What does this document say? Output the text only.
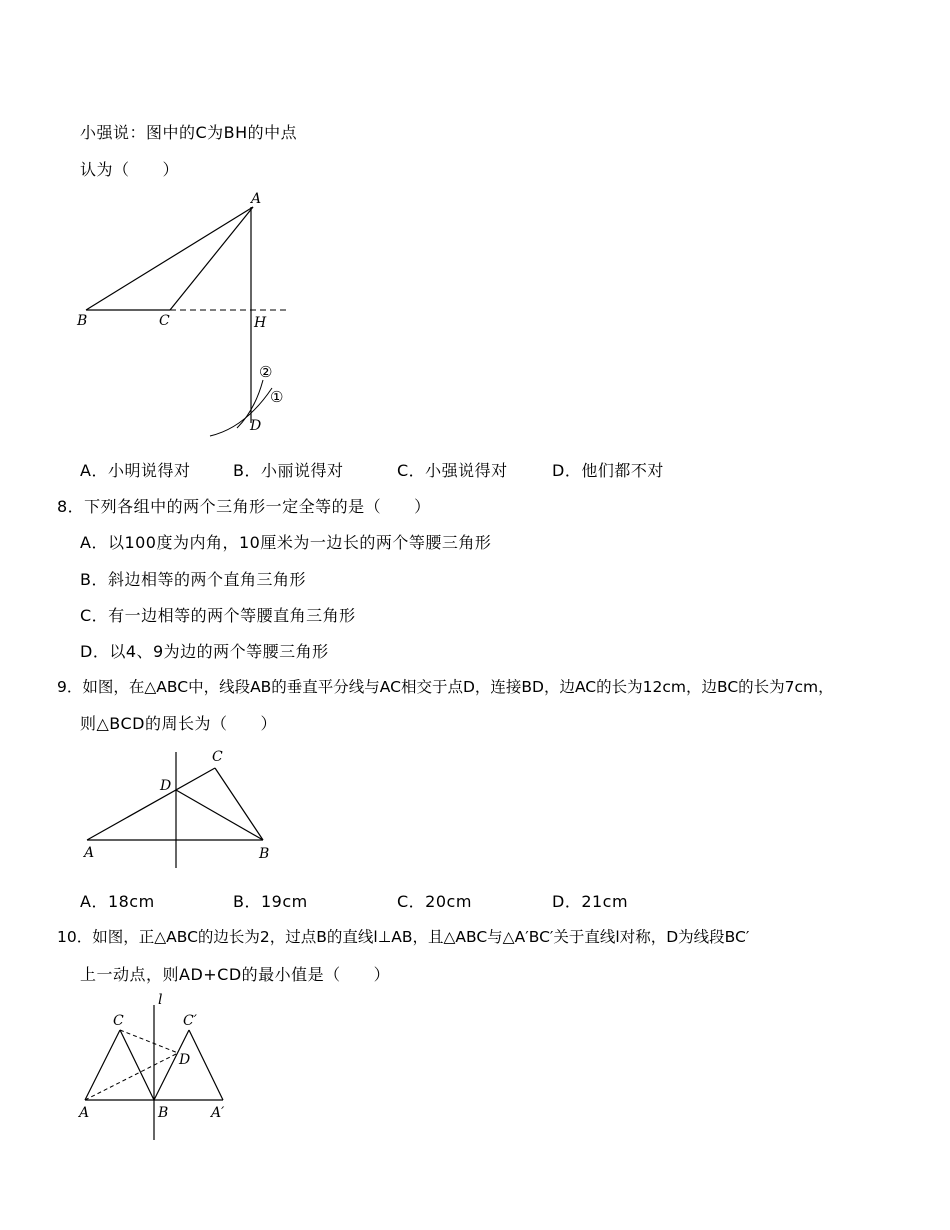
小强说：图中的C为BH的中点
认为（　　）
A
B	C	H
D
②
①
A．小明说得对	B．小丽说得对	C．小强说得对	D．他们都不对
8．下列各组中的两个三角形一定全等的是（　　）
A．以100度为内角，10厘米为一边长的两个等腰三角形
B．斜边相等的两个直角三角形
C．有一边相等的两个等腰直角三角形
D．以4、9为边的两个等腰三角形
9．如图，在△ABC中，线段AB的垂直平分线与AC相交于点D，连接BD，边AC的长为12cm，边BC的长为7cm，
则△BCD的周长为（　　）
A	B
C
D
A．18cm	B．19cm	C．20cm	D．21cm
10．如图，正△ABC的边长为2，过点B的直线l⊥AB，且△ABC与△A′BC′关于直线l对称，D为线段BC′
上一动点，则AD+CD的最小值是（　　）
l
C	C′
D
A	B	A′
